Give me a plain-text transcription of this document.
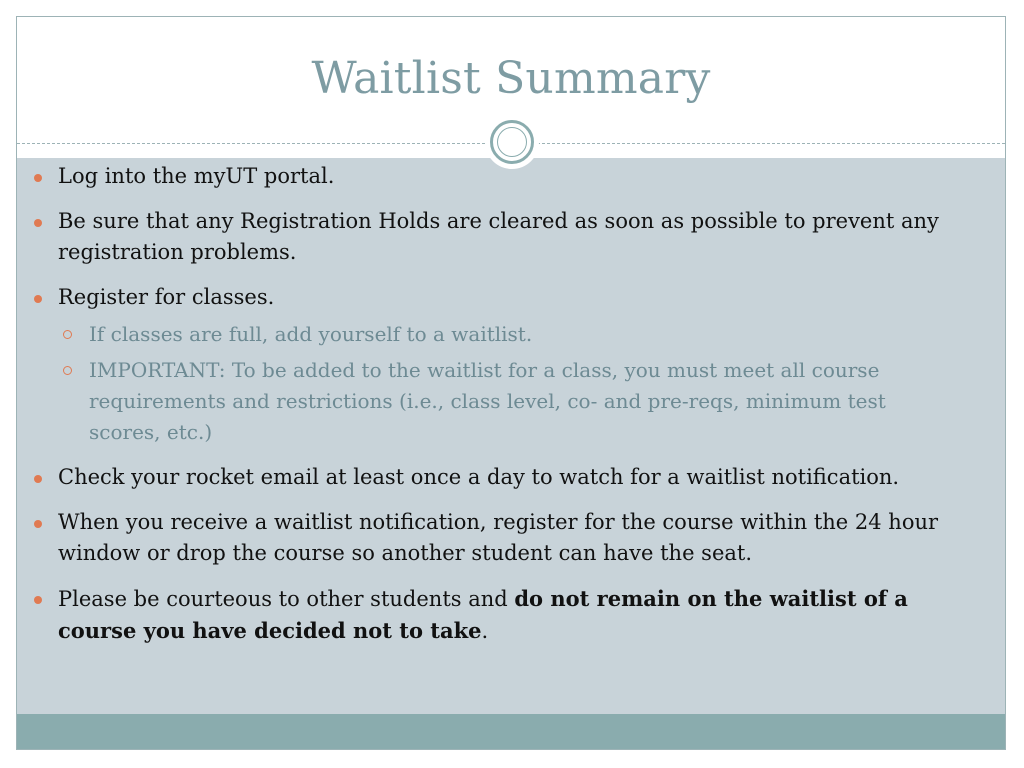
Waitlist Summary
Log into the myUT portal.
Be sure that any Registration Holds are cleared as soon as possible to prevent any registration problems.
Register for classes.
If classes are full, add yourself to a waitlist.
IMPORTANT: To be added to the waitlist for a class, you must meet all course requirements and restrictions (i.e., class level, co- and pre-reqs, minimum test scores, etc.)
Check your rocket email at least once a day to watch for a waitlist notification.
When you receive a waitlist notification, register for the course within the 24 hour window or drop the course so another student can have the seat.
Please be courteous to other students and do not remain on the waitlist of a course you have decided not to take.
